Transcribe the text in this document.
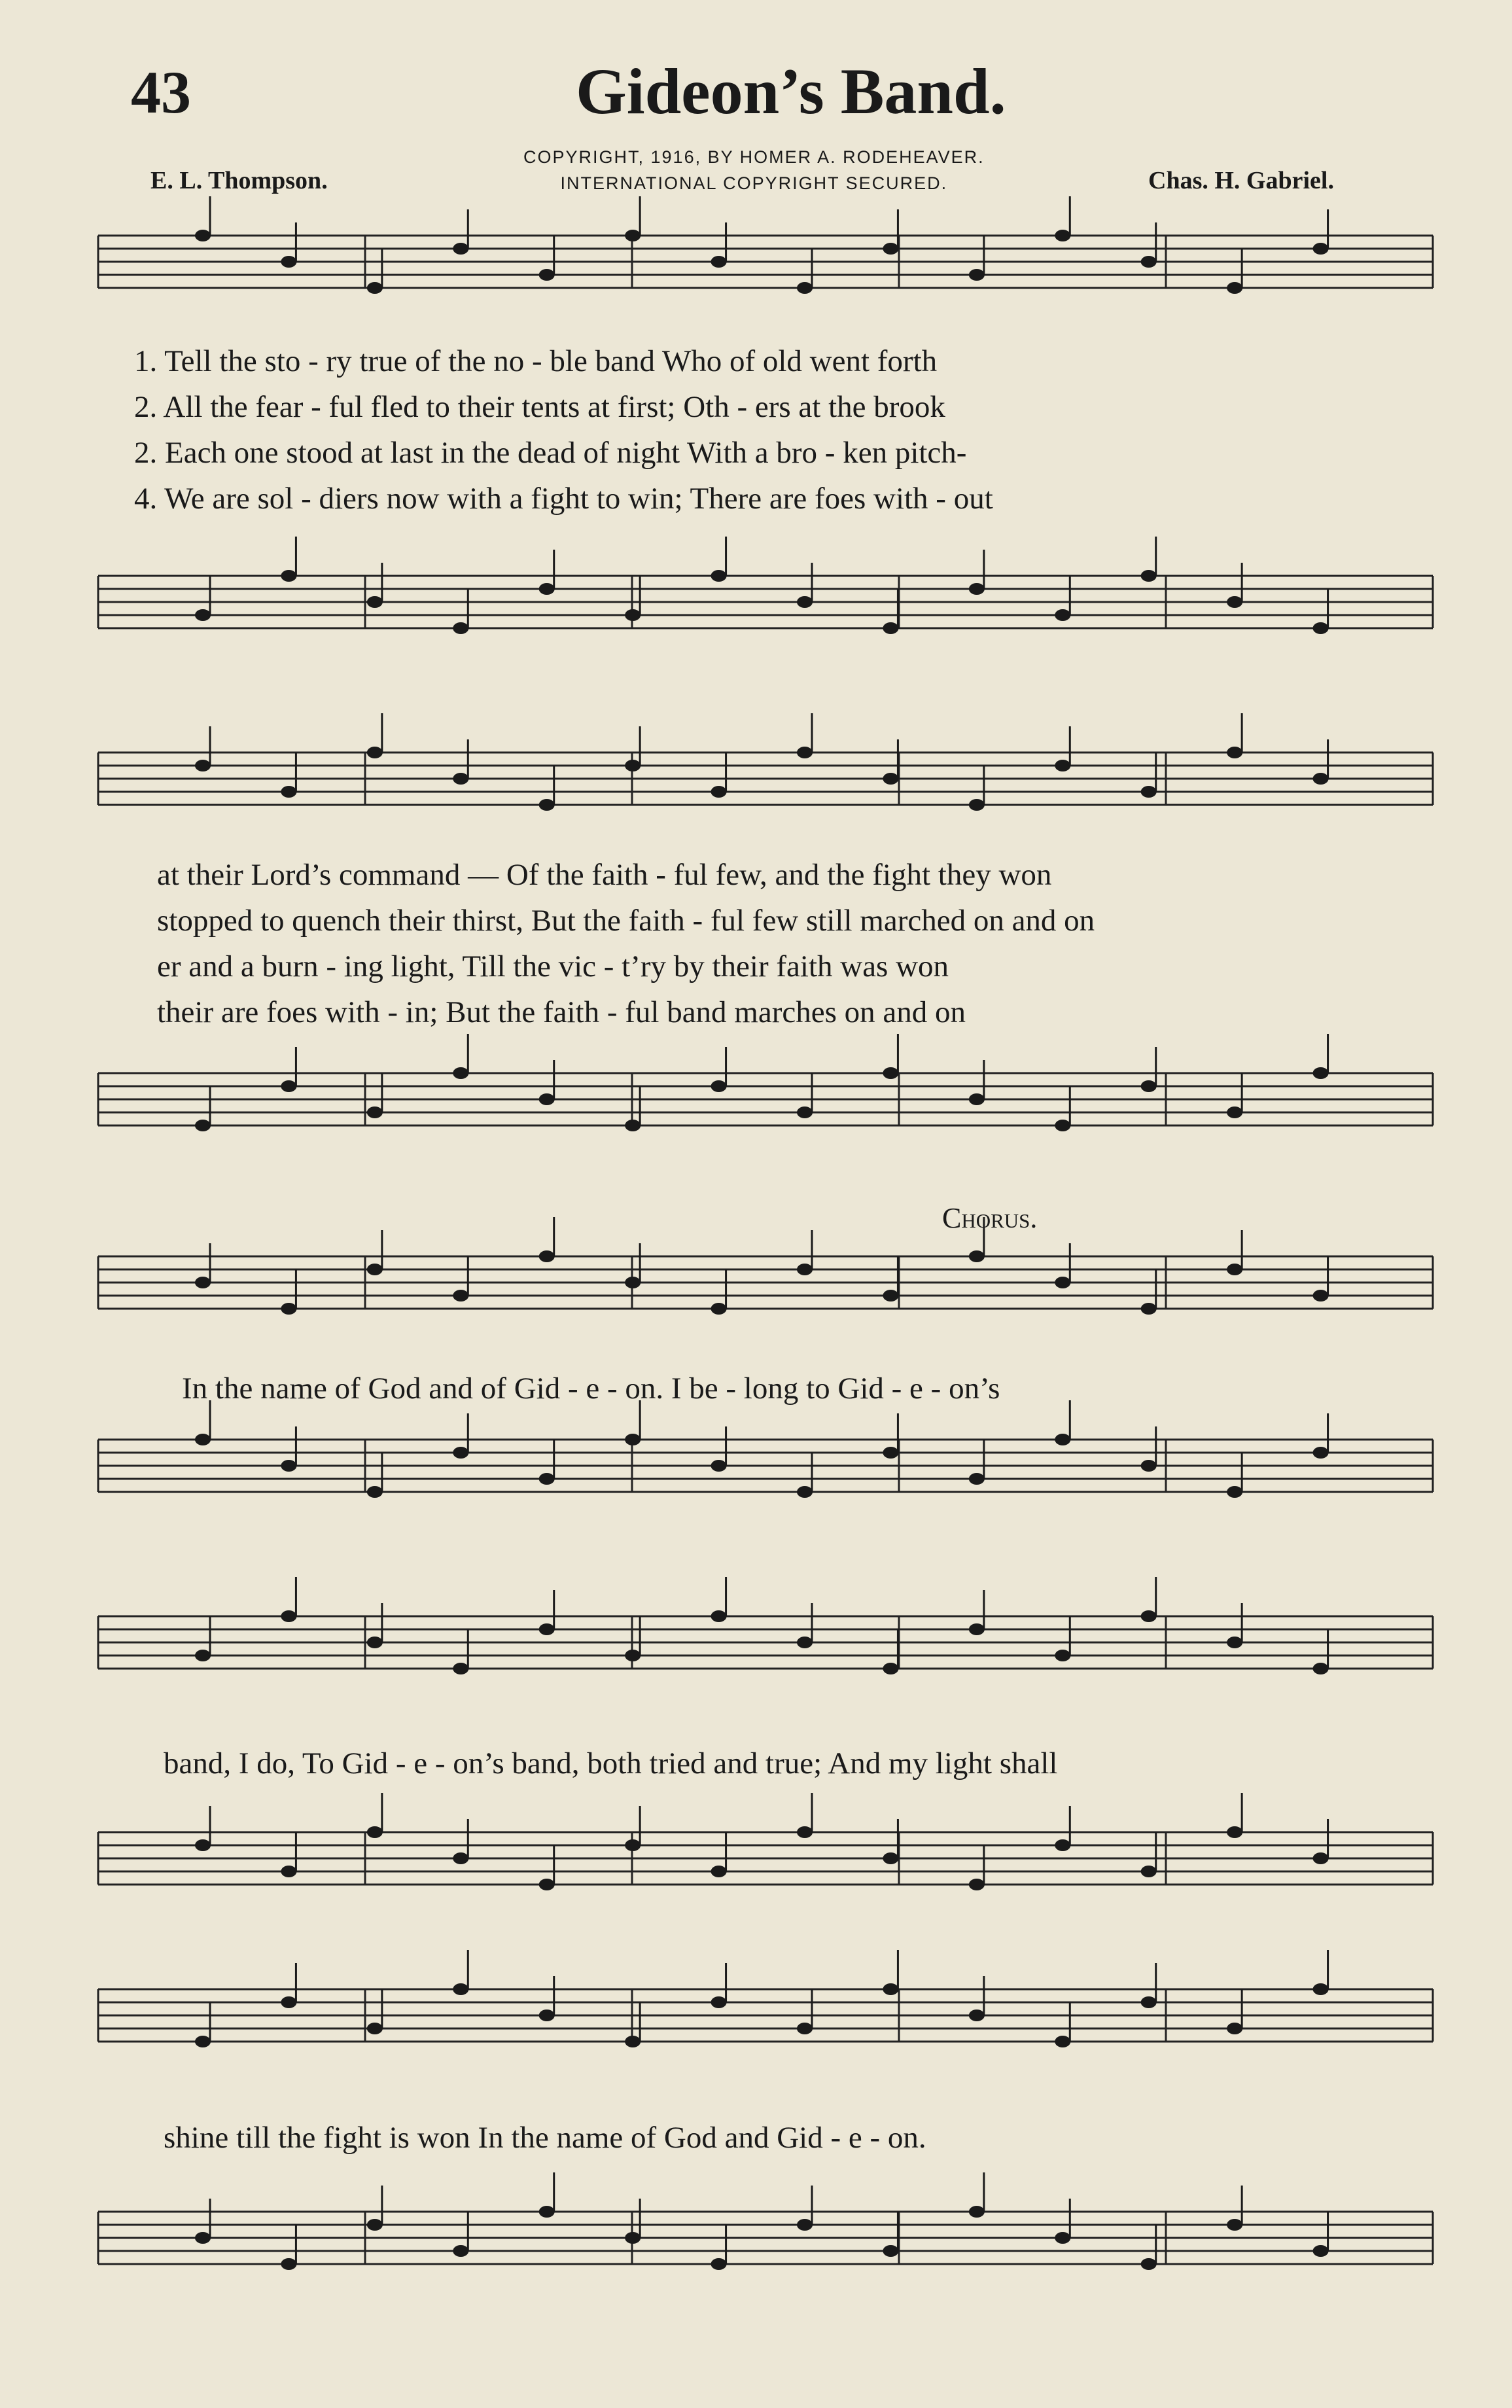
43	Gideon’s Band.
COPYRIGHT, 1916, BY HOMER A. RODEHEAVER.
INTERNATIONAL COPYRIGHT SECURED.
E. L. Thompson.	Chas. H. Gabriel.
1. Tell the sto - ry true of the no - ble band Who of old went forth
2. All the fear - ful fled to their tents at first; Oth - ers at the brook
2. Each one stood at last in the dead of night With a bro - ken pitch-
4. We are sol - diers now with a fight to win; There are foes with - out
at their Lord’s command — Of the faith - ful few, and the fight they won
stopped to quench their thirst, But the faith - ful few still marched on and on
er and a burn - ing light, Till the vic - t’ry by their faith was won
their are foes with - in; But the faith - ful band marches on and on
Chorus.
In the name of God and of Gid - e - on. I be - long to Gid - e - on’s
band, I do, To Gid - e - on’s band, both tried and true; And my light shall
shine till the fight is won In the name of God and Gid - e - on.
